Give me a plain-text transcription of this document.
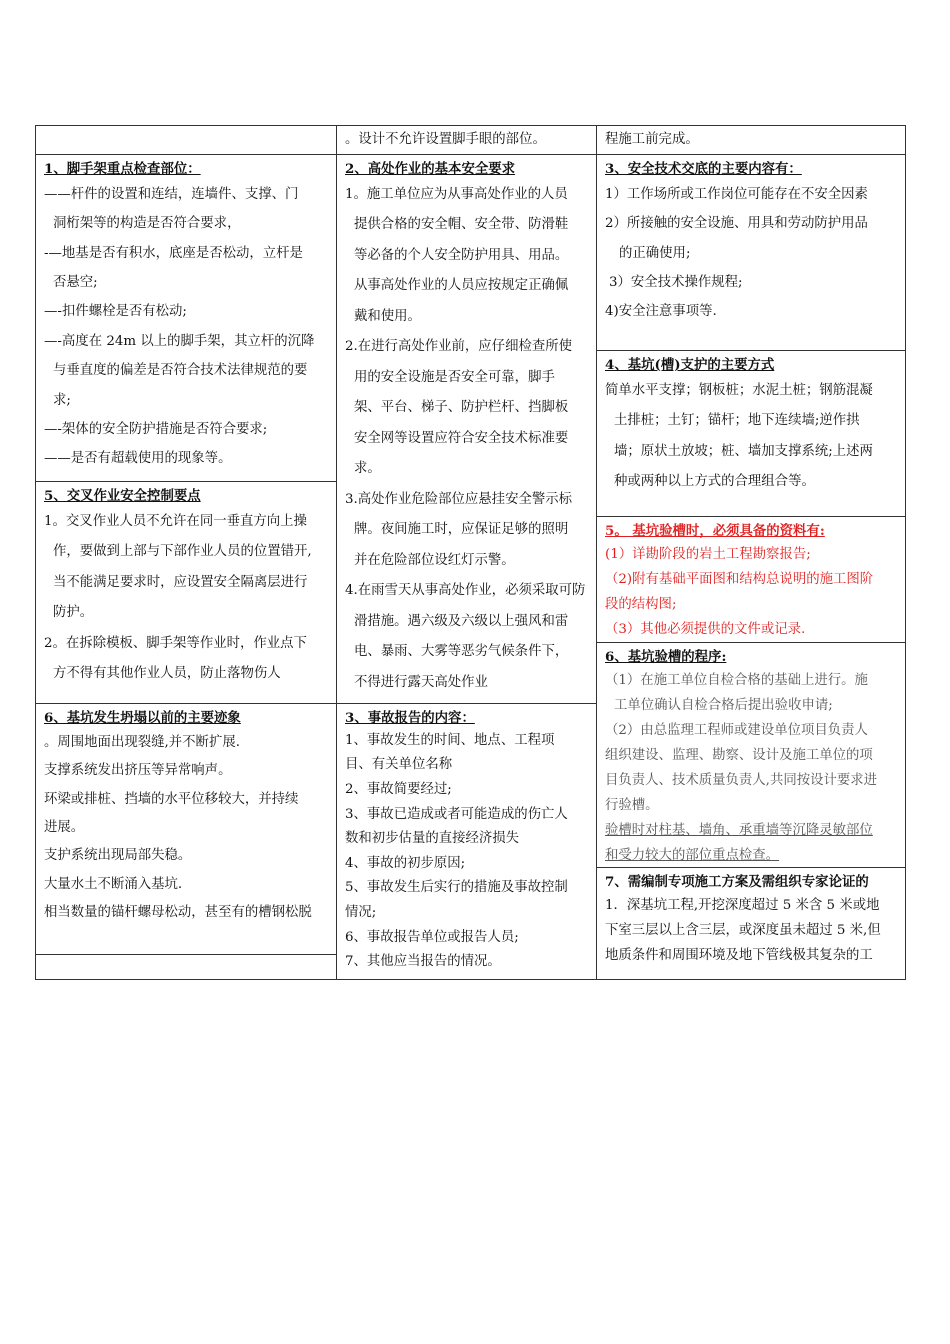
1、脚手架重点检查部位：
——杆件的设置和连结，连墙件、支撑、门
洞桁架等的构造是否符合要求，
-—地基是否有积水，底座是否松动，立杆是
否悬空;
—-扣件螺栓是否有松动;
—-高度在 24m 以上的脚手架，其立杆的沉降
与垂直度的偏差是否符合技术法律规范的要
求;
—-架体的安全防护措施是否符合要求;
——是否有超载使用的现象等。
5、交叉作业安全控制要点
1。交叉作业人员不允许在同一垂直方向上操
作，要做到上部与下部作业人员的位置错开,
当不能满足要求时，应设置安全隔离层进行
防护。
2。在拆除模板、脚手架等作业时，作业点下
方不得有其他作业人员，防止落物伤人
6、基坑发生坍塌以前的主要迹象
。周围地面出现裂缝,并不断扩展.
支撑系统发出挤压等异常响声。
环梁或排桩、挡墙的水平位移较大，并持续
进展。
支护系统出现局部失稳。
大量水土不断涌入基坑.
相当数量的锚杆螺母松动，甚至有的槽钢松脱
。设计不允许设置脚手眼的部位。
2、高处作业的基本安全要求
1。施工单位应为从事高处作业的人员
提供合格的安全帽、安全带、防滑鞋
等必备的个人安全防护用具、用品。
从事高处作业的人员应按规定正确佩
戴和使用。
2.在进行高处作业前，应仔细检查所使
用的安全设施是否安全可靠，脚手
架、平台、梯子、防护栏杆、挡脚板
安全网等设置应符合安全技术标准要
求。
3.高处作业危险部位应悬挂安全警示标
牌。夜间施工时，应保证足够的照明
并在危险部位设红灯示警。
4.在雨雪天从事高处作业，必须采取可防
滑措施。遇六级及六级以上强风和雷
电、暴雨、大雾等恶劣气候条件下，
不得进行露天高处作业
3、事故报告的内容：
1、事故发生的时间、地点、工程项
目、有关单位名称
2、事故简要经过;
3、事故已造成或者可能造成的伤亡人
数和初步估量的直接经济损失
4、事故的初步原因;
5、事故发生后实行的措施及事故控制
情况;
6、事故报告单位或报告人员;
7、其他应当报告的情况。
程施工前完成。
3、安全技术交底的主要内容有：
1）工作场所或工作岗位可能存在不安全因素
2）所接触的安全设施、用具和劳动防护用品
的正确使用;
3）安全技术操作规程;
4)安全注意事项等.
4、基坑(槽)支护的主要方式
简单水平支撑；钢板桩；水泥土桩；钢筋混凝
土排桩；土钉；锚杆；地下连续墙;逆作拱
墙；原状土放坡；桩、墙加支撑系统;上述两
种或两种以上方式的合理组合等。
5。 基坑验槽时，必须具备的资料有:
(1）详勘阶段的岩土工程勘察报告;
（2)附有基础平面图和结构总说明的施工图阶
段的结构图;
（3）其他必须提供的文件或记录.
6、基坑验槽的程序:
（1）在施工单位自检合格的基础上进行。施
工单位确认自检合格后提出验收申请;
（2）由总监理工程师或建设单位项目负责人
组织建设、监理、勘察、设计及施工单位的项
目负责人、技术质量负责人,共同按设计要求进
行验槽。
验槽时对柱基、墙角、承重墙等沉降灵敏部位
和受力较大的部位重点检查。
7、需编制专项施工方案及需组织专家论证的
1．深基坑工程,开挖深度超过 5 米含 5 米或地
下室三层以上含三层，或深度虽未超过 5 米,但
地质条件和周围环境及地下管线极其复杂的工
